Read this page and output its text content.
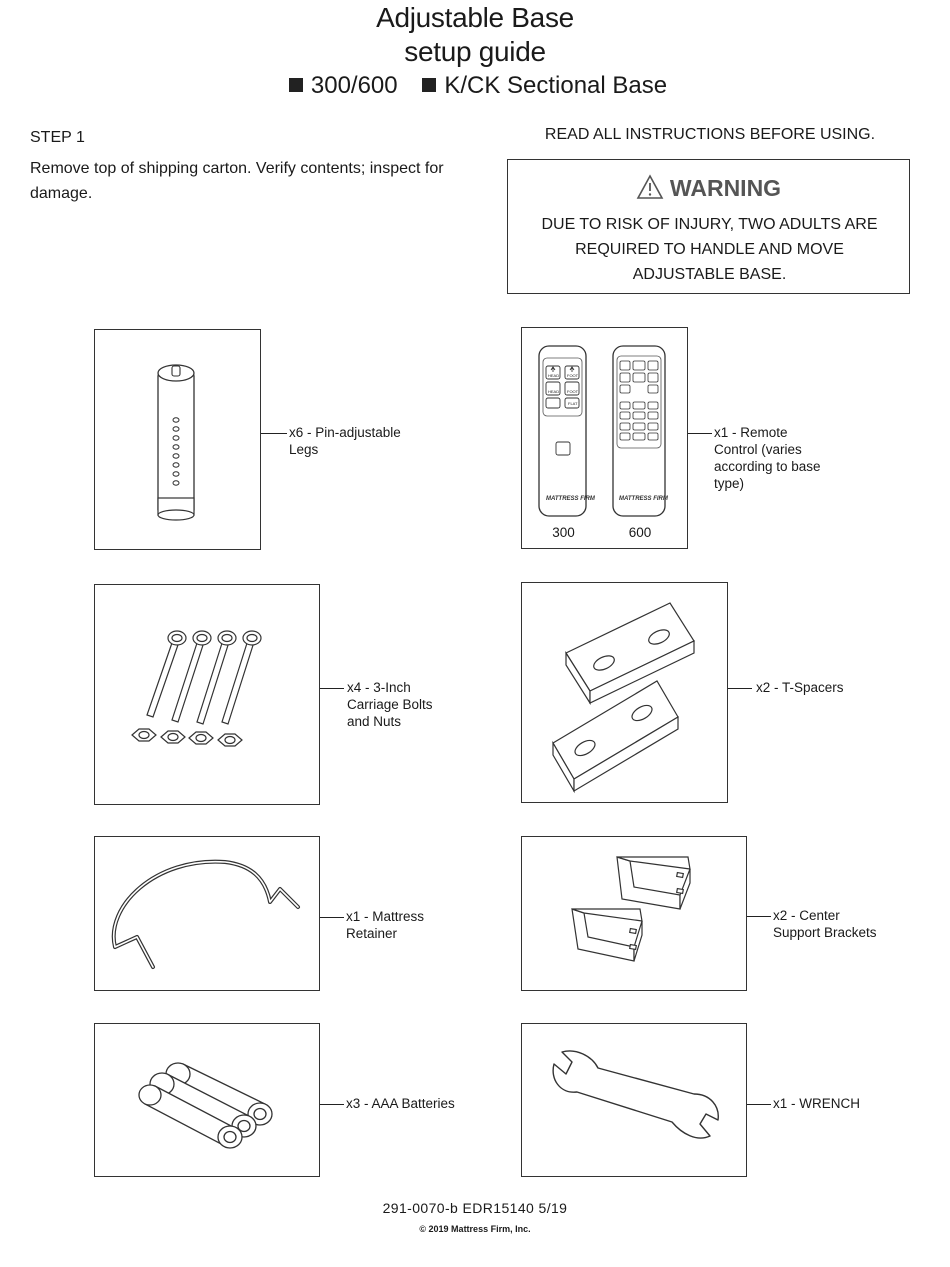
Adjustable Base
setup guide
300/600 K/CK Sectional Base
STEP 1
Remove top of shipping carton. Verify contents; inspect for damage.
READ ALL INSTRUCTIONS BEFORE USING.
WARNING
DUE TO RISK OF INJURY, TWO ADULTS ARE REQUIRED TO HANDLE AND MOVE ADJUSTABLE BASE.
x6 - Pin-adjustable Legs
HEAD FOOT
HEAD FOOT
FLAT
MATTRESS FIRM	MATTRESS FIRM
300	600
x1 - Remote Control (varies according to base type)
x4 - 3-Inch Carriage Bolts and Nuts
x2 - T-Spacers
x1 - Mattress Retainer
x2 - Center Support Brackets
x3 - AAA Batteries	x1 - WRENCH
291-0070-b EDR15140 5/19
© 2019 Mattress Firm, Inc.
